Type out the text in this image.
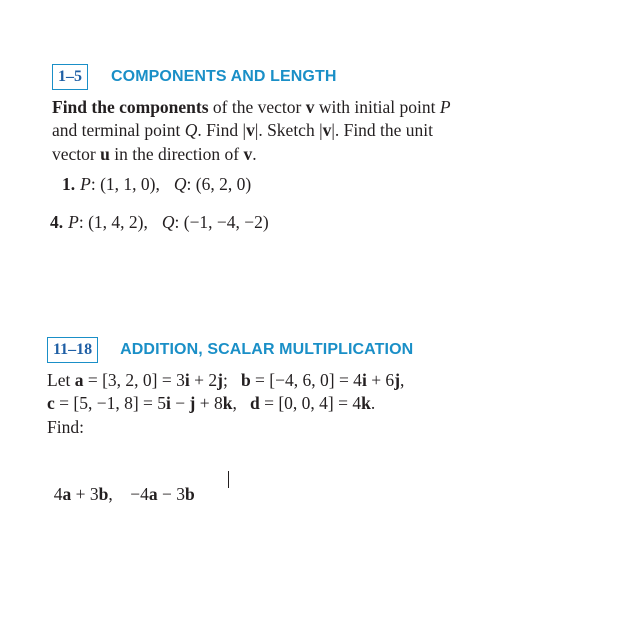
1–5	COMPONENTS AND LENGTH
Find the components of the vector v with initial point P
and terminal point Q. Find |v|. Sketch |v|. Find the unit
vector u in the direction of v.
1. P: (1, 1, 0), Q: (6, 2, 0)
4. P: (1, 4, 2), Q: (−1, −4, −2)
11–18	ADDITION, SCALAR MULTIPLICATION
Let a = [3, 2, 0] = 3i + 2j;   b = [−4, 6, 0] = 4i + 6j,
c = [5, −1, 8] = 5i − j + 8k,   d = [0, 0, 4] = 4k.
Find:

4a + 3b,    −4a − 3b
